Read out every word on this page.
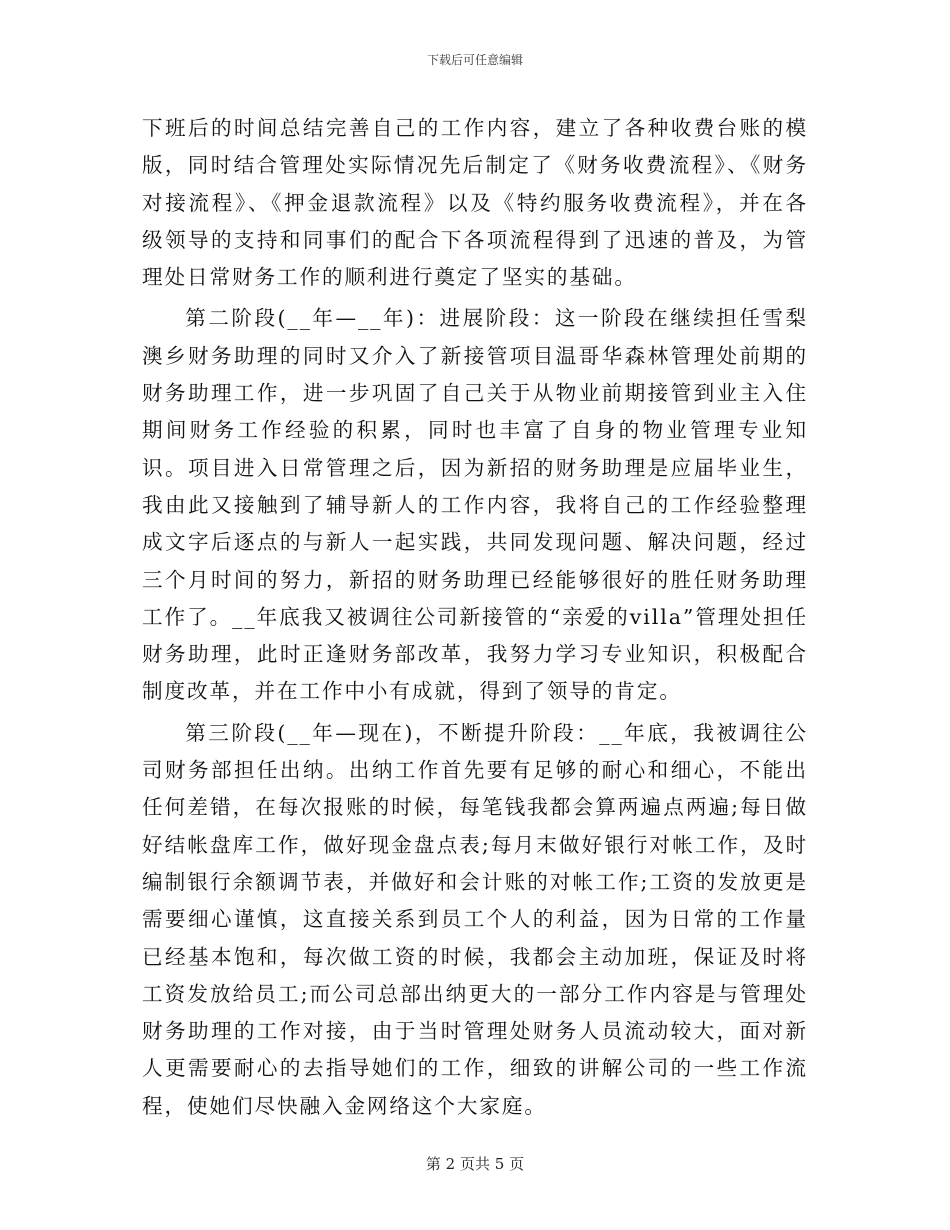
下载后可任意编辑

下班后的时间总结完善自己的工作内容，建立了各种收费台账的模版，同时结合管理处实际情况先后制定了《财务收费流程》、《财务对接流程》、《押金退款流程》以及《特约服务收费流程》，并在各级领导的支持和同事们的配合下各项流程得到了迅速的普及，为管理处日常财务工作的顺利进行奠定了坚实的基础。

第二阶段(__年—__年)：进展阶段：这一阶段在继续担任雪梨澳乡财务助理的同时又介入了新接管项目温哥华森林管理处前期的财务助理工作，进一步巩固了自己关于从物业前期接管到业主入住期间财务工作经验的积累，同时也丰富了自身的物业管理专业知识。项目进入日常管理之后，因为新招的财务助理是应届毕业生，我由此又接触到了辅导新人的工作内容，我将自己的工作经验整理成文字后逐点的与新人一起实践，共同发现问题、解决问题，经过三个月时间的努力，新招的财务助理已经能够很好的胜任财务助理工作了。__年底我又被调往公司新接管的“亲爱的villa”管理处担任财务助理，此时正逢财务部改革，我努力学习专业知识，积极配合制度改革，并在工作中小有成就，得到了领导的肯定。

第三阶段(__年—现在)，不断提升阶段：__年底，我被调往公司财务部担任出纳。出纳工作首先要有足够的耐心和细心，不能出任何差错，在每次报账的时候，每笔钱我都会算两遍点两遍;每日做好结帐盘库工作，做好现金盘点表;每月末做好银行对帐工作，及时编制银行余额调节表，并做好和会计账的对帐工作;工资的发放更是需要细心谨慎，这直接关系到员工个人的利益，因为日常的工作量已经基本饱和，每次做工资的时候，我都会主动加班，保证及时将工资发放给员工;而公司总部出纳更大的一部分工作内容是与管理处财务助理的工作对接，由于当时管理处财务人员流动较大，面对新人更需要耐心的去指导她们的工作，细致的讲解公司的一些工作流程，使她们尽快融入金网络这个大家庭。

第 2 页共 5 页
